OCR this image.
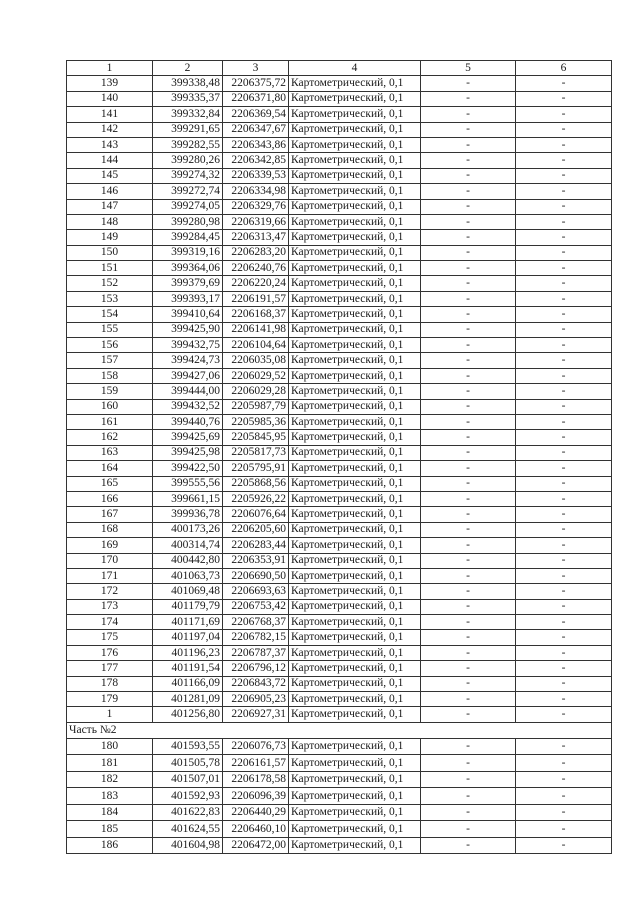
1	2	3	4	5	6
139	399338,48	2206375,72	Картометрический, 0,1	-	-
140	399335,37	2206371,80	Картометрический, 0,1	-	-
141	399332,84	2206369,54	Картометрический, 0,1	-	-
142	399291,65	2206347,67	Картометрический, 0,1	-	-
143	399282,55	2206343,86	Картометрический, 0,1	-	-
144	399280,26	2206342,85	Картометрический, 0,1	-	-
145	399274,32	2206339,53	Картометрический, 0,1	-	-
146	399272,74	2206334,98	Картометрический, 0,1	-	-
147	399274,05	2206329,76	Картометрический, 0,1	-	-
148	399280,98	2206319,66	Картометрический, 0,1	-	-
149	399284,45	2206313,47	Картометрический, 0,1	-	-
150	399319,16	2206283,20	Картометрический, 0,1	-	-
151	399364,06	2206240,76	Картометрический, 0,1	-	-
152	399379,69	2206220,24	Картометрический, 0,1	-	-
153	399393,17	2206191,57	Картометрический, 0,1	-	-
154	399410,64	2206168,37	Картометрический, 0,1	-	-
155	399425,90	2206141,98	Картометрический, 0,1	-	-
156	399432,75	2206104,64	Картометрический, 0,1	-	-
157	399424,73	2206035,08	Картометрический, 0,1	-	-
158	399427,06	2206029,52	Картометрический, 0,1	-	-
159	399444,00	2206029,28	Картометрический, 0,1	-	-
160	399432,52	2205987,79	Картометрический, 0,1	-	-
161	399440,76	2205985,36	Картометрический, 0,1	-	-
162	399425,69	2205845,95	Картометрический, 0,1	-	-
163	399425,98	2205817,73	Картометрический, 0,1	-	-
164	399422,50	2205795,91	Картометрический, 0,1	-	-
165	399555,56	2205868,56	Картометрический, 0,1	-	-
166	399661,15	2205926,22	Картометрический, 0,1	-	-
167	399936,78	2206076,64	Картометрический, 0,1	-	-
168	400173,26	2206205,60	Картометрический, 0,1	-	-
169	400314,74	2206283,44	Картометрический, 0,1	-	-
170	400442,80	2206353,91	Картометрический, 0,1	-	-
171	401063,73	2206690,50	Картометрический, 0,1	-	-
172	401069,48	2206693,63	Картометрический, 0,1	-	-
173	401179,79	2206753,42	Картометрический, 0,1	-	-
174	401171,69	2206768,37	Картометрический, 0,1	-	-
175	401197,04	2206782,15	Картометрический, 0,1	-	-
176	401196,23	2206787,37	Картометрический, 0,1	-	-
177	401191,54	2206796,12	Картометрический, 0,1	-	-
178	401166,09	2206843,72	Картометрический, 0,1	-	-
179	401281,09	2206905,23	Картометрический, 0,1	-	-
1	401256,80	2206927,31	Картометрический, 0,1	-	-
Часть №2					
180	401593,55	2206076,73	Картометрический, 0,1	-	-
181	401505,78	2206161,57	Картометрический, 0,1	-	-
182	401507,01	2206178,58	Картометрический, 0,1	-	-
183	401592,93	2206096,39	Картометрический, 0,1	-	-
184	401622,83	2206440,29	Картометрический, 0,1	-	-
185	401624,55	2206460,10	Картометрический, 0,1	-	-
186	401604,98	2206472,00	Картометрический, 0,1	-	-
